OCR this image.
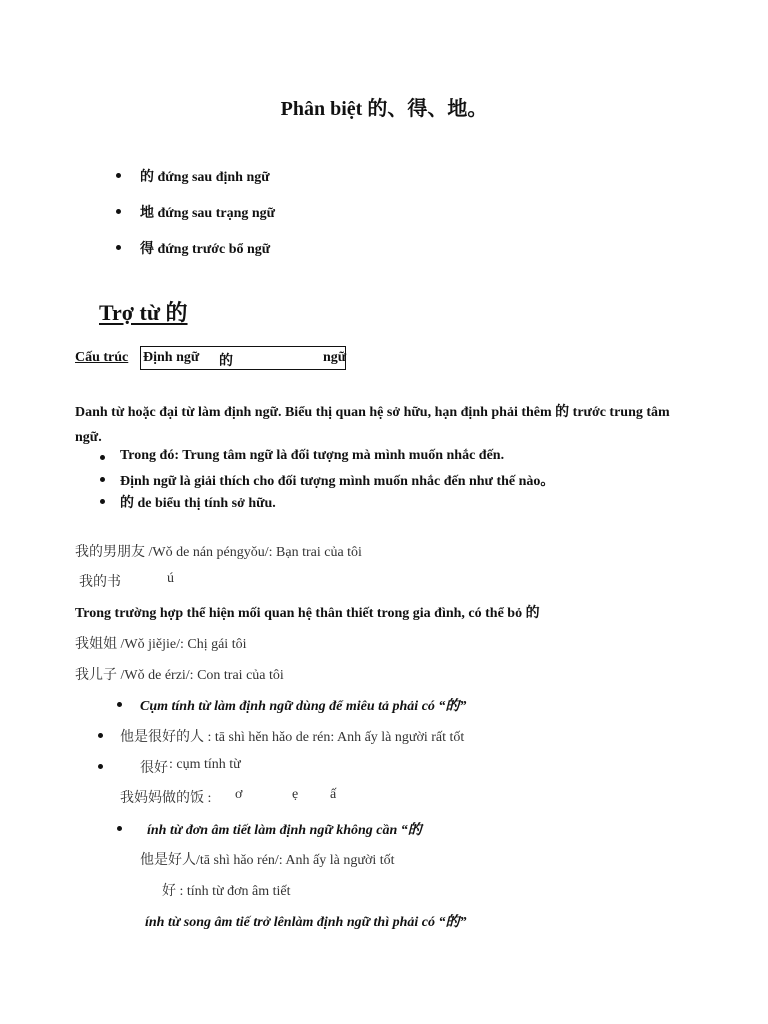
Phân biệt 的、得、地。
的 đứng sau định ngữ
地 đứng sau trạng ngữ
得 đứng trước bổ ngữ
Trợ từ 的
Cấu trúc Định ngữ 的	ngữ
Danh từ hoặc đại từ làm định ngữ. Biểu thị quan hệ sở hữu, hạn định phải thêm 的 trước trung tâm ngữ.
Trong đó: Trung tâm ngữ là đối tượng mà mình muốn nhắc đến.
Định ngữ là giải thích cho đối tượng mình muốn nhắc đến như thế nào。
的 de biểu thị tính sở hữu.
我的男朋友 /Wǒ de nán péngyǒu/: Bạn trai của tôi
我的书	ú
Trong trường hợp thể hiện mối quan hệ thân thiết trong gia đình, có thể bỏ 的
我姐姐 /Wǒ jiějie/: Chị gái tôi
我儿子 /Wǒ de érzi/: Con trai của tôi
Cụm tính từ làm định ngữ dùng để miêu tả phải có “的”
他是很好的人 : tā shì hěn hǎo de rén: Anh ấy là người rất tốt
很好 : cụm tính từ
我妈妈做的饭 : ơ	ẹ ấ
ính từ đơn âm tiết làm định ngữ không cần “的
他是好人/tā shì hǎo rén/: Anh ấy là người tốt
好 : tính từ đơn âm tiết
ính từ song âm tiế trở lênlàm định ngữ thì phải có “的”
